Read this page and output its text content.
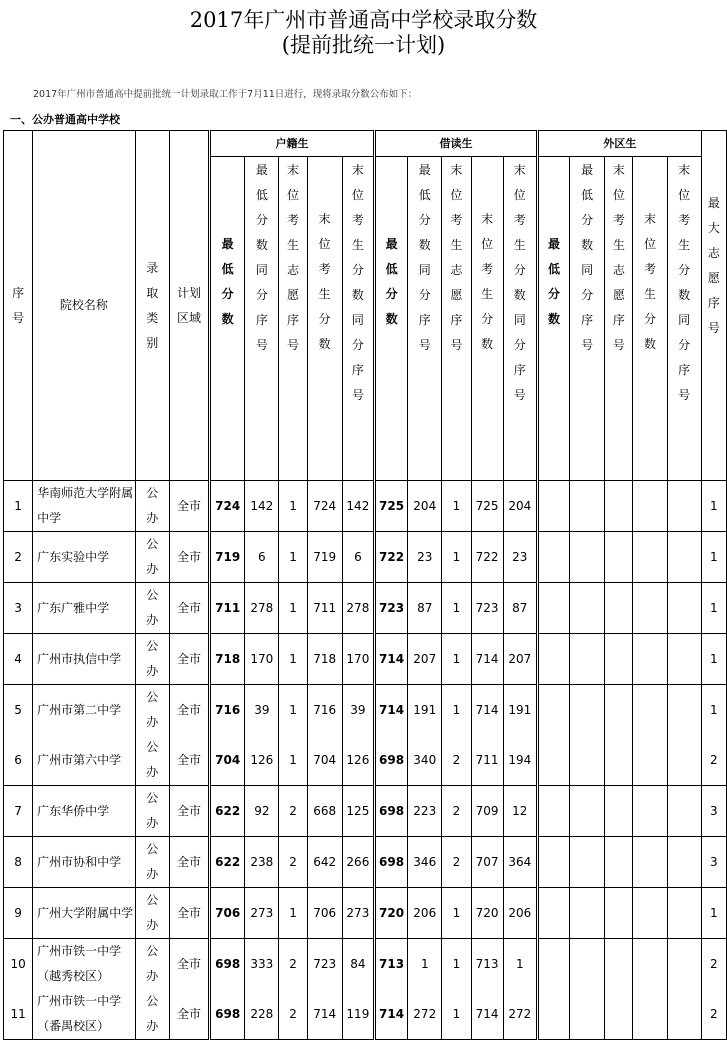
2017年广州市普通高中学校录取分数
(提前批统一计划)
2017年广州市普通高中提前批统一计划录取工作于7月11日进行，现将录取分数公布如下：
一、公办普通高中学校
序号	院校名称	录取类别	计划区域	户籍生					借读生					外区生					最大志愿序号

				最低分数	最低分数同分序号	末位考生志愿序号	末位考生分数	末位考生分数同分序号	最低分数	最低分数同分序号	末位考生志愿序号	末位考生分数	末位考生分数同分序号	最低分数	最低分数同分序号	末位考生志愿序号	末位考生分数	末位考生分数同分序号	

1	华南师范大学附属中学	公办	全市	724	142	1	724	142	725	204	1	725	204						1
2	广东实验中学	公办	全市	719	6	1	719	6	722	23	1	722	23						1
3	广东广雅中学	公办	全市	711	278	1	711	278	723	87	1	723	87						1
4	广州市执信中学	公办	全市	718	170	1	718	170	714	207	1	714	207						1
5	广州市第二中学	公办	全市	716	39	1	716	39	714	191	1	714	191						1
6	广州市第六中学	公办	全市	704	126	1	704	126	698	340	2	711	194						2
7	广东华侨中学	公办	全市	622	92	2	668	125	698	223	2	709	12						3
8	广州市协和中学	公办	全市	622	238	2	642	266	698	346	2	707	364						3
9	广州大学附属中学	公办	全市	706	273	1	706	273	720	206	1	720	206						1
10	广州市铁一中学（越秀校区）	公办	全市	698	333	2	723	84	713	1	1	713	1						2
11	广州市铁一中学（番禺校区）	公办	全市	698	228	2	714	119	714	272	1	714	272						2
